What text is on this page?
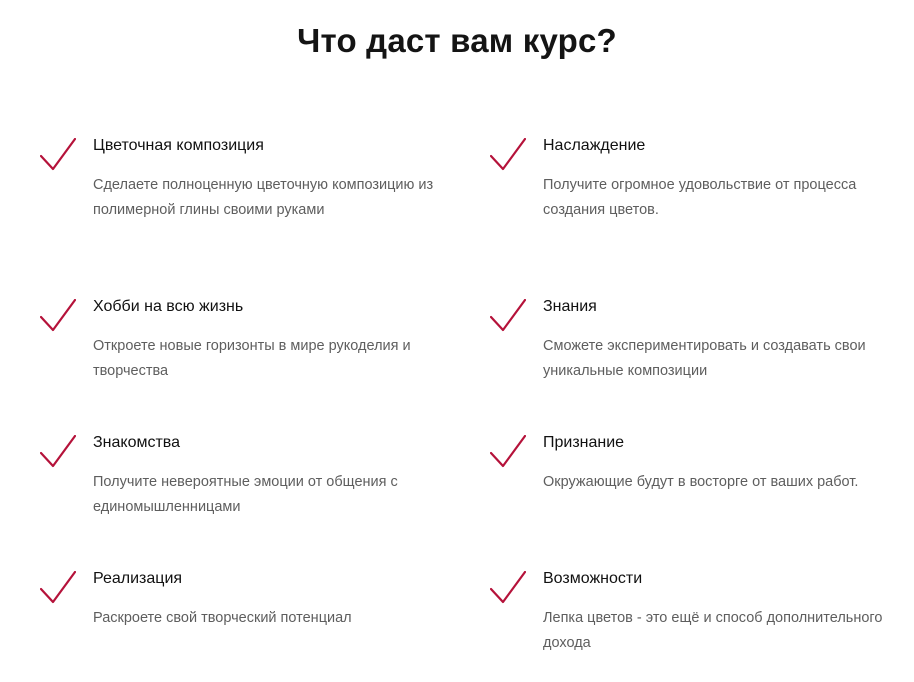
Что даст вам курс?

Цветочная композиция

Сделаете полноценную цветочную композицию из полимерной глины своими руками

Наслаждение

Получите огромное удовольствие от процесса создания цветов.

Хобби на всю жизнь

Откроете новые горизонты в мире рукоделия и творчества

Знания

Сможете экспериментировать и создавать свои уникальные композиции

Знакомства

Получите невероятные эмоции от общения с единомышленницами

Признание

Окружающие будут в восторге от ваших работ.

Реализация

Раскроете свой творческий потенциал

Возможности

Лепка цветов - это ещё и способ дополнительного дохода
